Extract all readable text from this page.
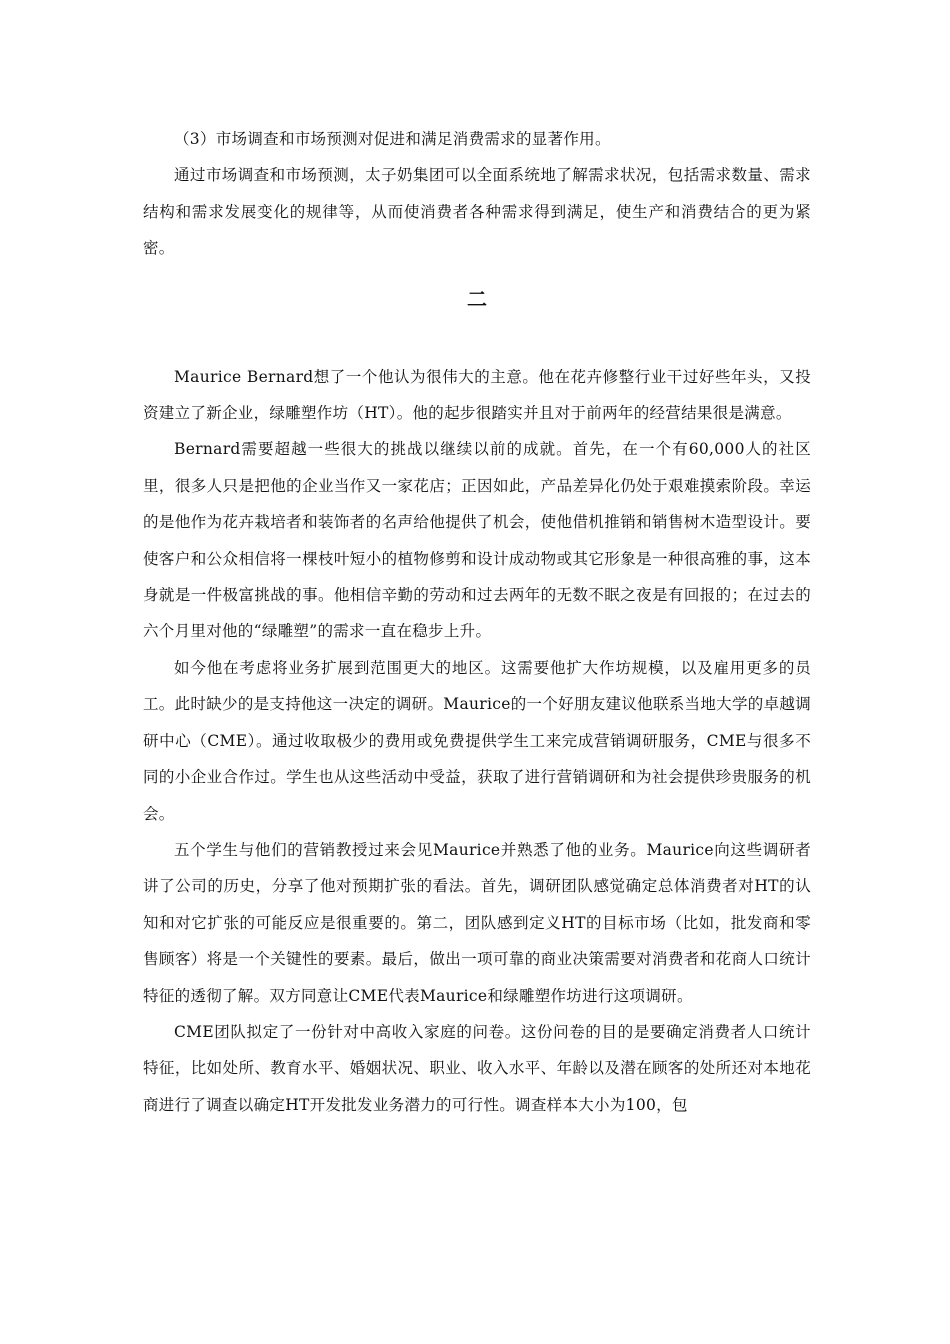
（3）市场调查和市场预测对促进和满足消费需求的显著作用。

通过市场调查和市场预测，太子奶集团可以全面系统地了解需求状况，包括需求数量、需求结构和需求发展变化的规律等，从而使消费者各种需求得到满足，使生产和消费结合的更为紧密。

二

Maurice Bernard想了一个他认为很伟大的主意。他在花卉修整行业干过好些年头，又投资建立了新企业，绿雕塑作坊（HT）。他的起步很踏实并且对于前两年的经营结果很是满意。

Bernard需要超越一些很大的挑战以继续以前的成就。首先，在一个有60,000人的社区里，很多人只是把他的企业当作又一家花店；正因如此，产品差异化仍处于艰难摸索阶段。幸运的是他作为花卉栽培者和装饰者的名声给他提供了机会，使他借机推销和销售树木造型设计。要使客户和公众相信将一棵枝叶短小的植物修剪和设计成动物或其它形象是一种很高雅的事，这本身就是一件极富挑战的事。他相信辛勤的劳动和过去两年的无数不眠之夜是有回报的；在过去的六个月里对他的“绿雕塑”的需求一直在稳步上升。

如今他在考虑将业务扩展到范围更大的地区。这需要他扩大作坊规模，以及雇用更多的员工。此时缺少的是支持他这一决定的调研。Maurice的一个好朋友建议他联系当地大学的卓越调研中心（CME）。通过收取极少的费用或免费提供学生工来完成营销调研服务，CME与很多不同的小企业合作过。学生也从这些活动中受益，获取了进行营销调研和为社会提供珍贵服务的机会。

五个学生与他们的营销教授过来会见Maurice并熟悉了他的业务。Maurice向这些调研者讲了公司的历史，分享了他对预期扩张的看法。首先，调研团队感觉确定总体消费者对HT的认知和对它扩张的可能反应是很重要的。第二，团队感到定义HT的目标市场（比如，批发商和零售顾客）将是一个关键性的要素。最后，做出一项可靠的商业决策需要对消费者和花商人口统计特征的透彻了解。双方同意让CME代表Maurice和绿雕塑作坊进行这项调研。

CME团队拟定了一份针对中高收入家庭的问卷。这份问卷的目的是要确定消费者人口统计特征，比如处所、教育水平、婚姻状况、职业、收入水平、年龄以及潜在顾客的处所还对本地花商进行了调查以确定HT开发批发业务潜力的可行性。调查样本大小为100，包
